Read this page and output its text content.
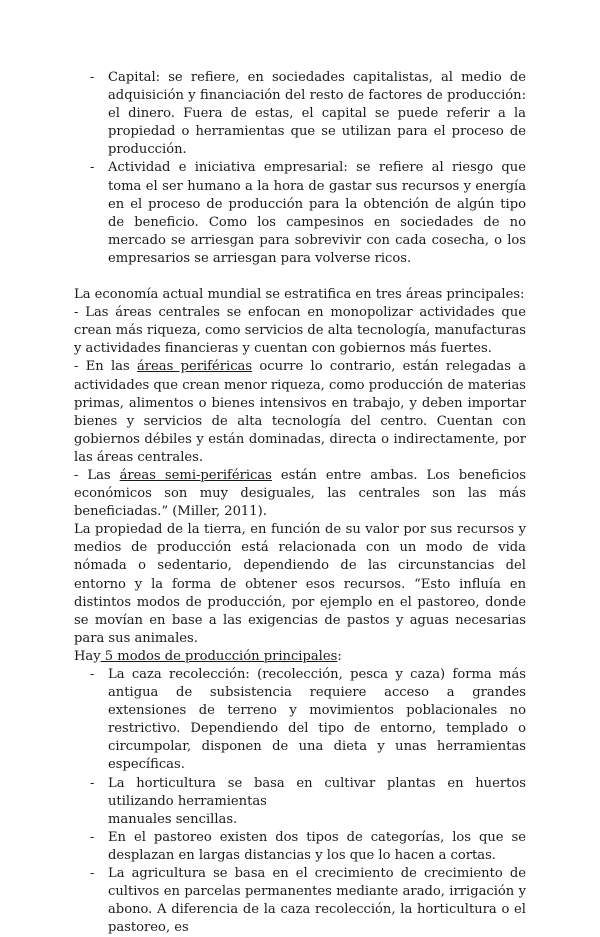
- Capital: se refiere, en sociedades capitalistas, al medio de adquisición y financiación del resto de factores de producción: el dinero. Fuera de estas, el capital se puede referir a la propiedad o herramientas que se utilizan para el proceso de producción.
- Actividad e iniciativa empresarial: se refiere al riesgo que toma el ser humano a la hora de gastar sus recursos y energía en el proceso de producción para la obtención de algún tipo de beneficio. Como los campesinos en sociedades de no mercado se arriesgan para sobrevivir con cada cosecha, o los empresarios se arriesgan para volverse ricos.

La economía actual mundial se estratifica en tres áreas principales:

- Las áreas centrales se enfocan en monopolizar actividades que crean más riqueza, como servicios de alta tecnología, manufacturas y actividades financieras y cuentan con gobiernos más fuertes.

- En las áreas periféricas ocurre lo contrario, están relegadas a actividades que crean menor riqueza, como producción de materias primas, alimentos o bienes intensivos en trabajo, y deben importar bienes y servicios de alta tecnología del centro. Cuentan con gobiernos débiles y están dominadas, directa o indirectamente, por las áreas centrales.

- Las áreas semi-periféricas están entre ambas. Los beneficios económicos son muy desiguales, las centrales son las más beneficiadas.” (Miller, 2011).

La propiedad de la tierra, en función de su valor por sus recursos y medios de producción está relacionada con un modo de vida nómada o sedentario, dependiendo de las circunstancias del entorno y la forma de obtener esos recursos. “Esto influía en distintos modos de producción, por ejemplo en el pastoreo, donde se movían en base a las exigencias de pastos y aguas necesarias para sus animales.

Hay 5 modos de producción principales:

- La caza recolección: (recolección, pesca y caza) forma más antigua de subsistencia requiere acceso a grandes extensiones de terreno y movimientos poblacionales no restrictivo. Dependiendo del tipo de entorno, templado o circumpolar, disponen de una dieta y unas herramientas específicas.
- La horticultura se basa en cultivar plantas en huertos utilizando herramientas
manuales sencillas.
- En el pastoreo existen dos tipos de categorías, los que se desplazan en largas distancias y los que lo hacen a cortas.
- La agricultura se basa en el crecimiento de crecimiento de cultivos en parcelas permanentes mediante arado, irrigación y abono. A diferencia de la caza recolección, la horticultura o el pastoreo, es
